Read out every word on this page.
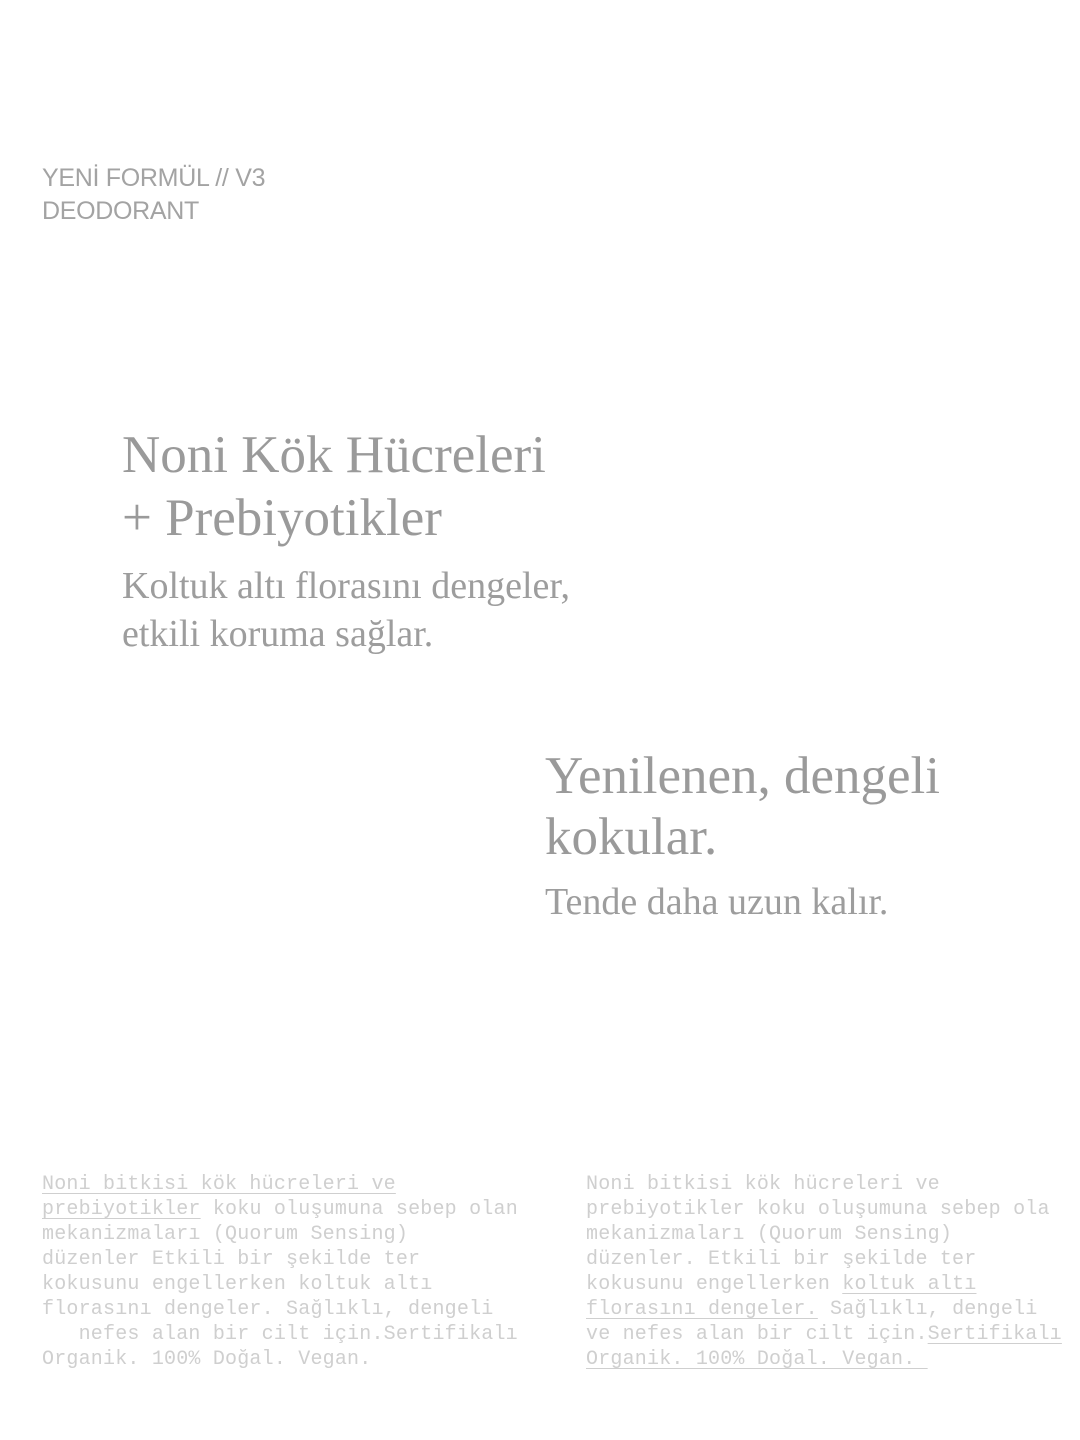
YENİ FORMÜL // V3
DEODORANT
Noni Kök Hücreleri
+ Prebiyotikler
Koltuk altı florasını dengeler,
etkili koruma sağlar.
Yenilenen, dengeli
kokular.
Tende daha uzun kalır.
Noni bitkisi kök hücreleri ve
prebiyotikler koku oluşumuna sebep olan
mekanizmaları (Quorum Sensing)
düzenler Etkili bir şekilde ter
kokusunu engellerken koltuk altı
florasını dengeler. Sağlıklı, dengeli
nefes alan bir cilt için.Sertifikalı
Organik. 100% Doğal. Vegan.
Noni bitkisi kök hücreleri ve
prebiyotikler koku oluşumuna sebep ola
mekanizmaları (Quorum Sensing)
düzenler. Etkili bir şekilde ter
kokusunu engellerken koltuk altı
florasını dengeler. Sağlıklı, dengeli
ve nefes alan bir cilt için.Sertifikalı
Organik. 100% Doğal. Vegan.
